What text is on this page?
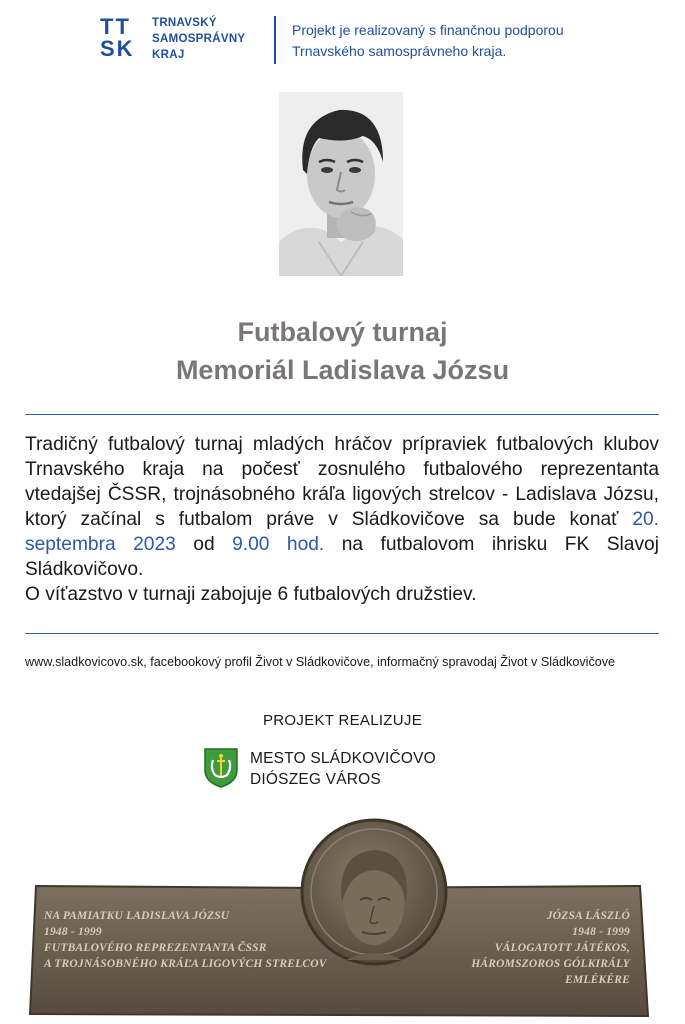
TT
SK
TRNAVSKÝ
SAMOSPRÁVNY
KRAJ
Projekt je realizovaný s finančnou podporou
Trnavského samosprávneho kraja.
Futbalový turnaj
Memoriál Ladislava Józsu
Tradičný futbalový turnaj mladých hráčov prípraviek futbalových klubov Trnavského kraja na počesť zosnulého futbalového reprezentanta vtedajšej ČSSR, trojnásobného kráľa ligových strelcov - Ladislava Józsu, ktorý začínal s futbalom práve v Sládkovičove sa bude konať 20. septembra 2023 od 9.00 hod. na futbalovom ihrisku FK Slavoj Sládkovičovo.
O víťazstvo v turnaji zabojuje 6 futbalových družstiev.
www.sladkovicovo.sk, facebookový profil Život v Sládkovičove, informačný spravodaj Život v Sládkovičove
PROJEKT REALIZUJE
MESTO SLÁDKOVIČOVO
DIÓSZEG VÁROS
NA PAMIATKU LADISLAVA JÓZSU
1948 - 1999
FUTBALOVÉHO REPREZENTANTA ČSSR
A TROJNÁSOBNÉHO KRÁĽA LIGOVÝCH STRELCOV
JÓZSA LÁSZLÓ
1948 - 1999
VÁLOGATOTT JÁTÉKOS,
HÁROMSZOROS GÓLKIRÁLY EMLÉKÉRE
